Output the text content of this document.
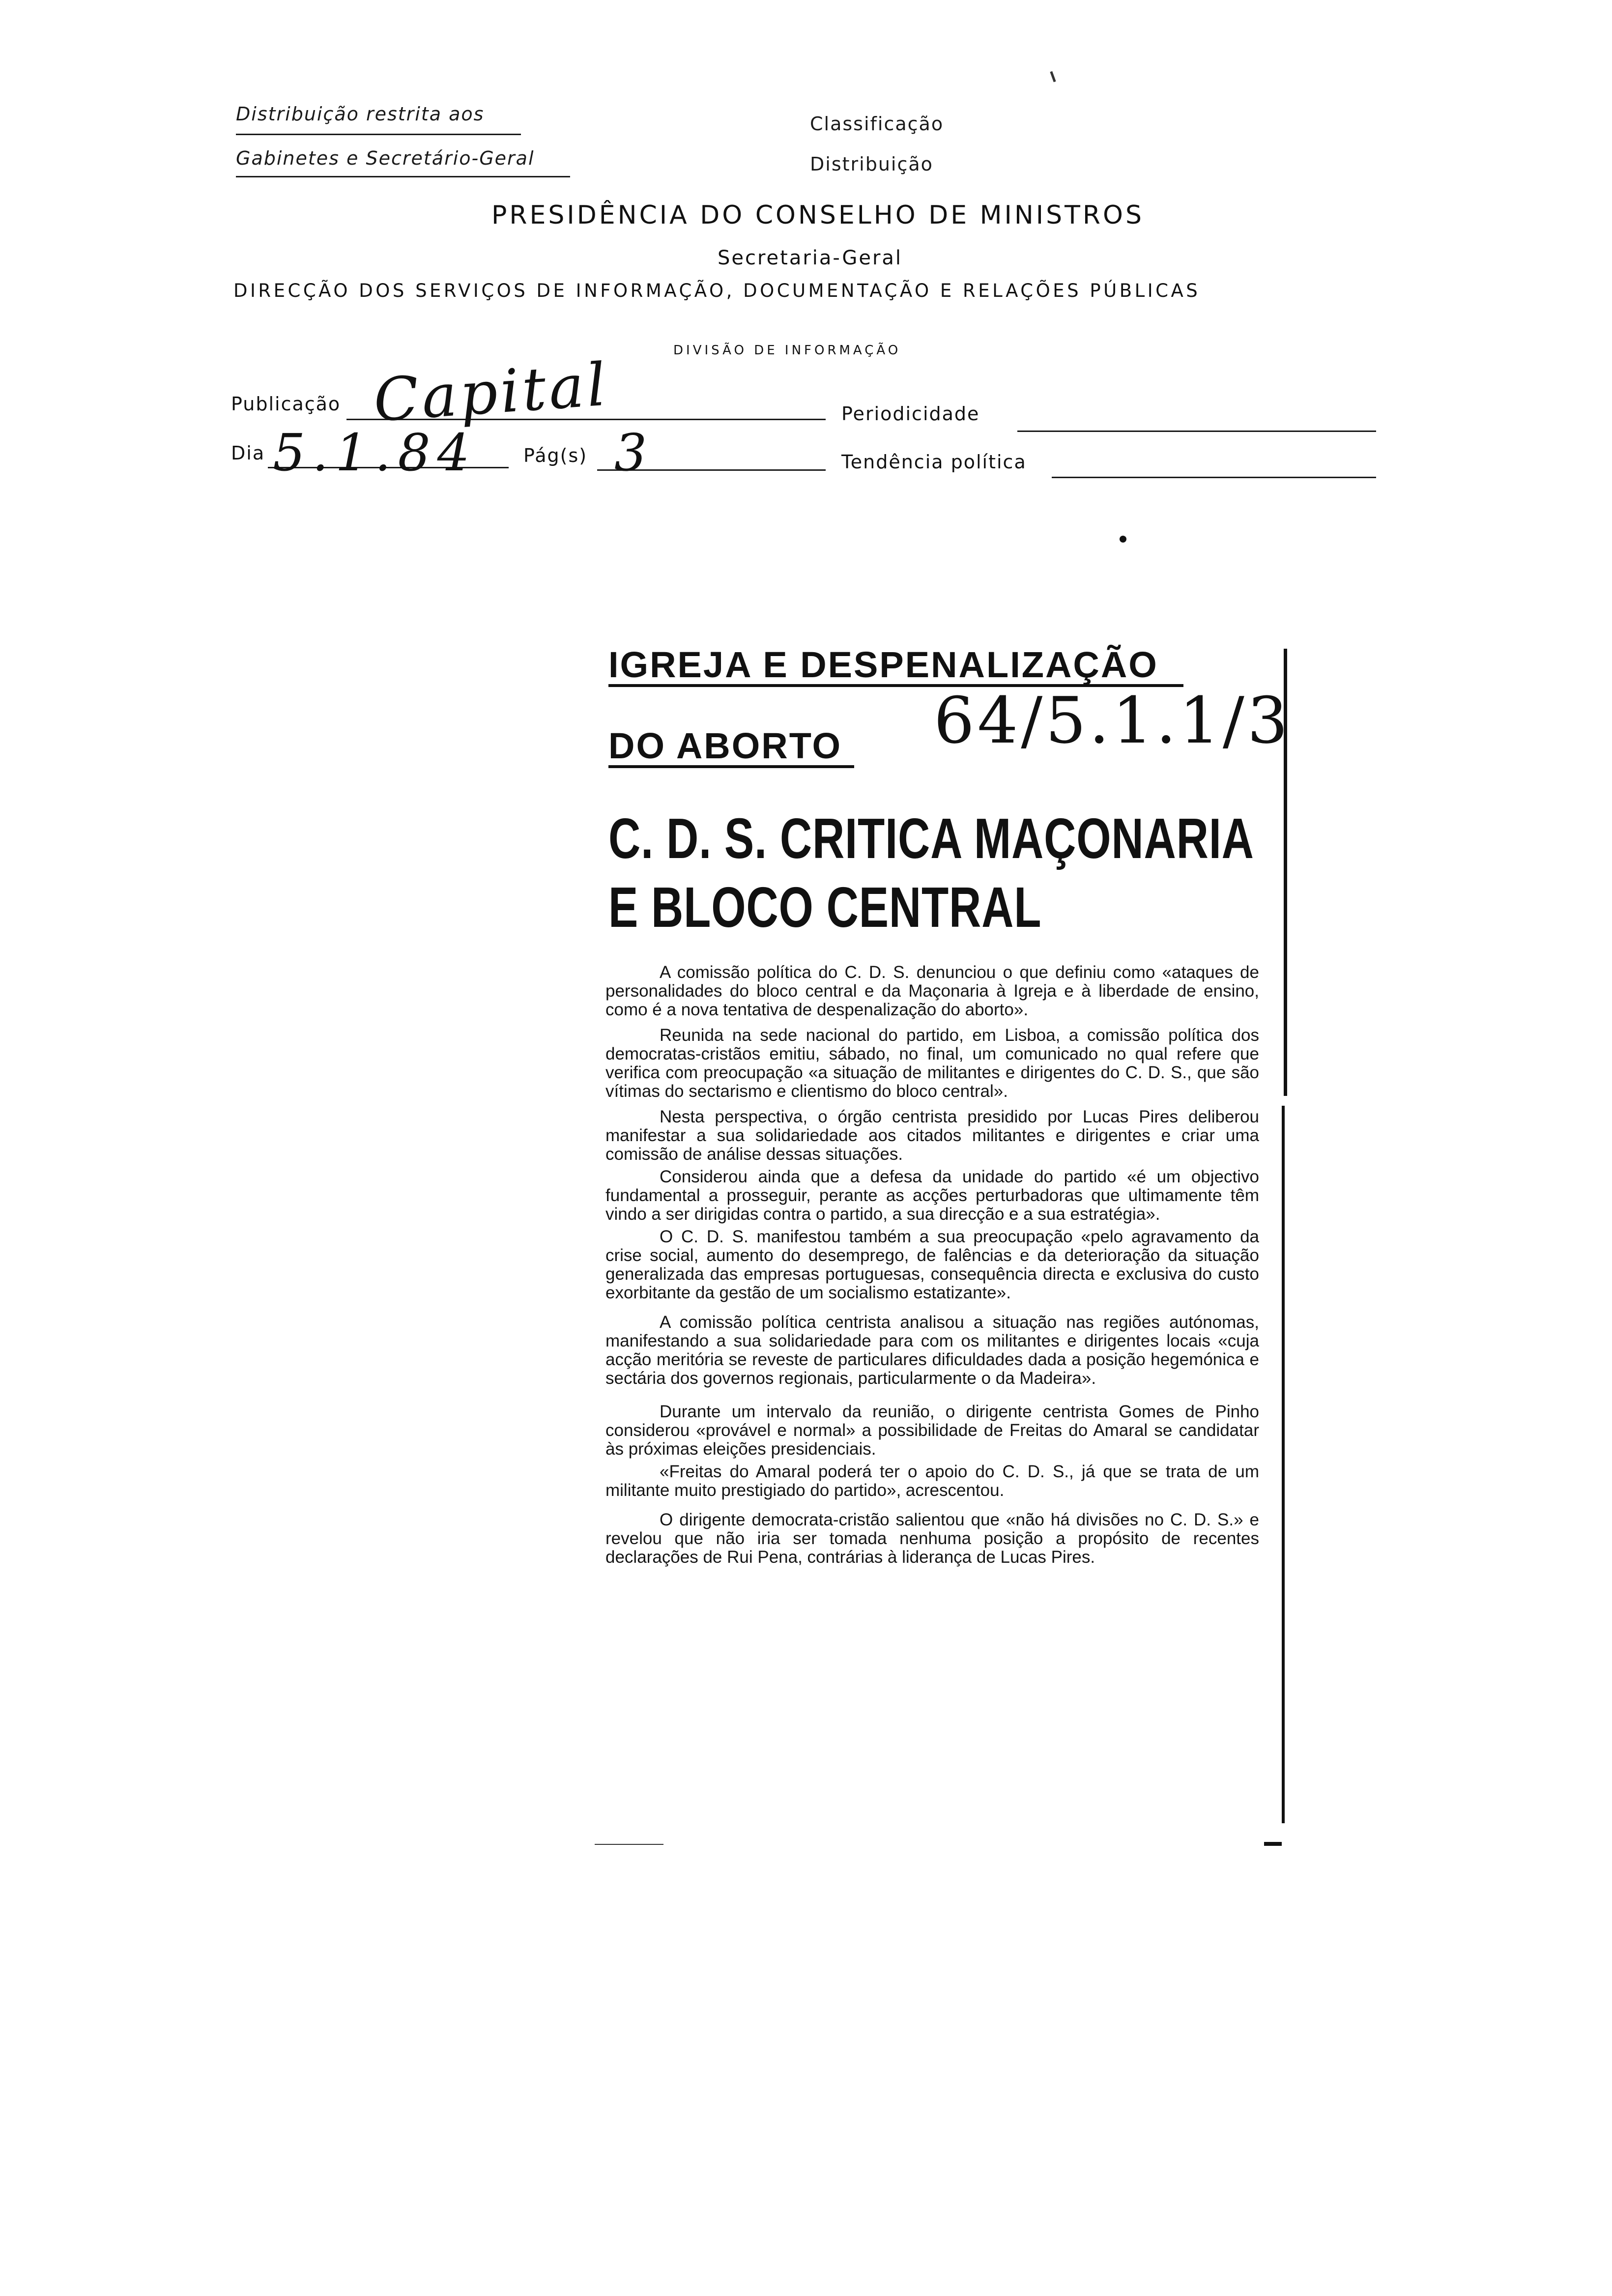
Distribuição restrita aos
Gabinetes e Secretário-Geral
Classificação
Distribuição
PRESIDÊNCIA DO CONSELHO DE MINISTROS
Secretaria-Geral
DIRECÇÃO DOS SERVIÇOS DE INFORMAÇÃO, DOCUMENTAÇÃO E RELAÇÕES PÚBLICAS
DIVISÃO DE INFORMAÇÃO
Publicação Capital
Dia 5.1.84	Pág(s) 3
Periodicidade
Tendência política
IGREJA E DESPENALIZAÇÃO
DO ABORTO 64/5.1.1/3
C. D. S. CRITICA MAÇONARIA
E BLOCO CENTRAL

A comissão política do C. D. S. denunciou o que definiu como «ataques de personalidades do bloco central e da Maçonaria à Igreja e à liberdade de ensino, como é a nova tentativa de despenalização do aborto».

Reunida na sede nacional do partido, em Lisboa, a comissão política dos democratas-cristãos emitiu, sábado, no final, um comunicado no qual refere que verifica com preocupação «a situação de militantes e dirigentes do C. D. S., que são vítimas do sectarismo e clientismo do bloco central».

Nesta perspectiva, o órgão centrista presidido por Lucas Pires deliberou manifestar a sua solidariedade aos citados militantes e dirigentes e criar uma comissão de análise dessas situações.

Considerou ainda que a defesa da unidade do partido «é um objectivo fundamental a prosseguir, perante as acções perturbadoras que ultimamente têm vindo a ser dirigidas contra o partido, a sua direcção e a sua estratégia».

O C. D. S. manifestou também a sua preocupação «pelo agravamento da crise social, aumento do desemprego, de falências e da deterioração da situação generalizada das empresas portuguesas, consequência directa e exclusiva do custo exorbitante da gestão de um socialismo estatizante».

A comissão política centrista analisou a situação nas regiões autónomas, manifestando a sua solidariedade para com os militantes e dirigentes locais «cuja acção meritória se reveste de particulares dificuldades dada a posição hegemónica e sectária dos governos regionais, particularmente o da Madeira».

Durante um intervalo da reunião, o dirigente centrista Gomes de Pinho considerou «provável e normal» a possibilidade de Freitas do Amaral se candidatar às próximas eleições presidenciais.

«Freitas do Amaral poderá ter o apoio do C. D. S., já que se trata de um militante muito prestigiado do partido», acrescentou.

O dirigente democrata-cristão salientou que «não há divisões no C. D. S.» e revelou que não iria ser tomada nenhuma posição a propósito de recentes declarações de Rui Pena, contrárias à liderança de Lucas Pires.
